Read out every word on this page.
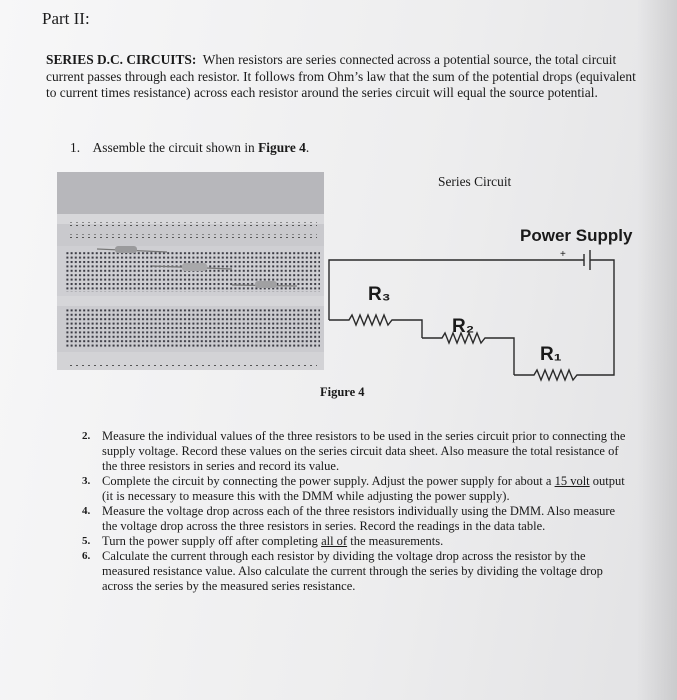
Part II:
SERIES D.C. CIRCUITS: When resistors are series connected across a potential source, the total circuit current passes through each resistor. It follows from Ohm’s law that the sum of the potential drops (equivalent to current times resistance) across each resistor around the series circuit will equal the source potential.
1. Assemble the circuit shown in Figure 4.
Series Circuit
Power Supply
+
R₃
R₂
R₁
Figure 4
2. Measure the individual values of the three resistors to be used in the series circuit prior to connecting the supply voltage. Record these values on the series circuit data sheet. Also measure the total resistance of the three resistors in series and record its value.
3. Complete the circuit by connecting the power supply. Adjust the power supply for about a 15 volt output (it is necessary to measure this with the DMM while adjusting the power supply).
4. Measure the voltage drop across each of the three resistors individually using the DMM. Also measure the voltage drop across the three resistors in series. Record the readings in the data table.
5. Turn the power supply off after completing all of the measurements.
6. Calculate the current through each resistor by dividing the voltage drop across the resistor by the measured resistance value. Also calculate the current through the series by dividing the voltage drop across the series by the measured series resistance.
